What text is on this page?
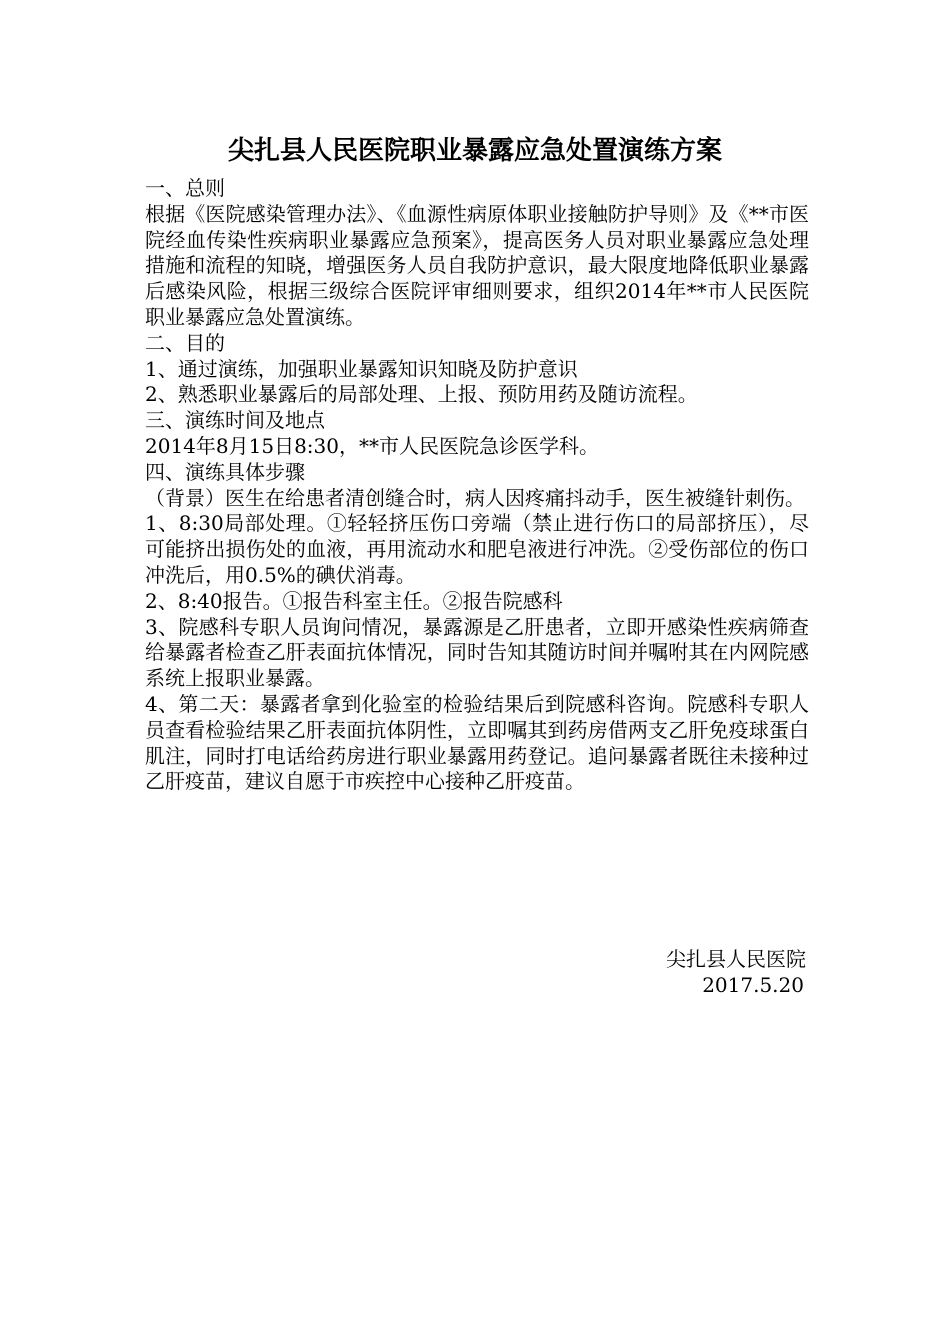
尖扎县人民医院职业暴露应急处置演练方案

一、总则

根据《医院感染管理办法》、《血源性病原体职业接触防护导则》及《**市医院经血传染性疾病职业暴露应急预案》，提高医务人员对职业暴露应急处理措施和流程的知晓，增强医务人员自我防护意识，最大限度地降低职业暴露后感染风险，根据三级综合医院评审细则要求，组织2014年**市人民医院职业暴露应急处置演练。

二、目的

1、通过演练，加强职业暴露知识知晓及防护意识

2、熟悉职业暴露后的局部处理、上报、预防用药及随访流程。

三、演练时间及地点

2014年8月15日8:30，**市人民医院急诊医学科。

四、演练具体步骤

（背景）医生在给患者清创缝合时，病人因疼痛抖动手，医生被缝针刺伤。

1、8:30局部处理。①轻轻挤压伤口旁端（禁止进行伤口的局部挤压），尽可能挤出损伤处的血液，再用流动水和肥皂液进行冲洗。②受伤部位的伤口冲洗后，用0.5%的碘伏消毒。

2、8:40报告。①报告科室主任。②报告院感科

3、院感科专职人员询问情况，暴露源是乙肝患者，立即开感染性疾病筛查给暴露者检查乙肝表面抗体情况，同时告知其随访时间并嘱咐其在内网院感系统上报职业暴露。

4、第二天：暴露者拿到化验室的检验结果后到院感科咨询。院感科专职人员查看检验结果乙肝表面抗体阴性，立即嘱其到药房借两支乙肝免疫球蛋白肌注，同时打电话给药房进行职业暴露用药登记。追问暴露者既往未接种过乙肝疫苗，建议自愿于市疾控中心接种乙肝疫苗。

尖扎县人民医院
2017.5.20
